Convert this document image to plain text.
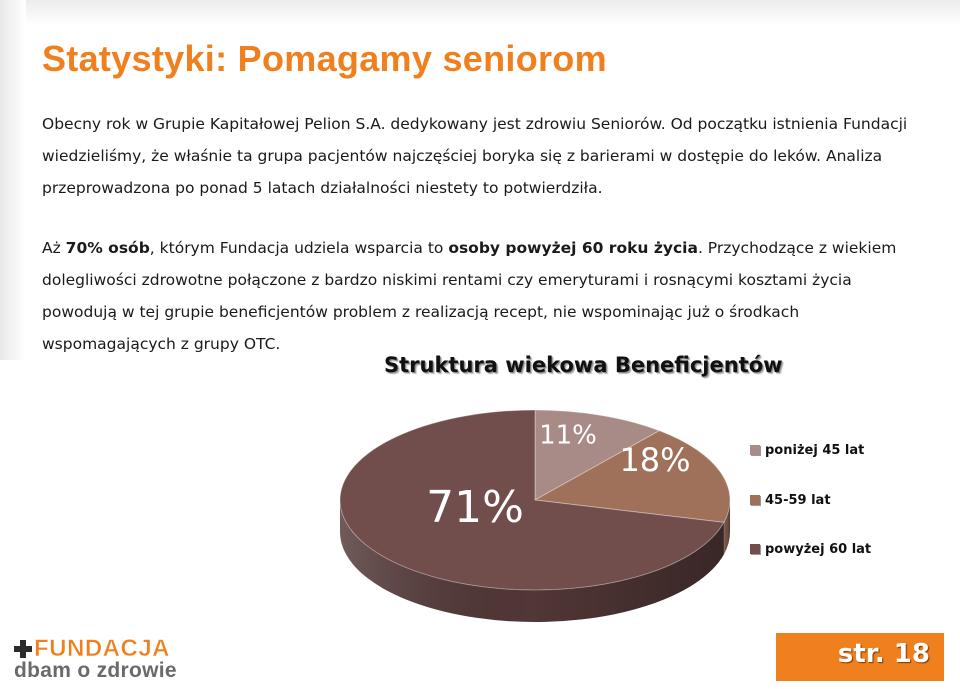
Statystyki: Pomagamy seniorom
Obecny rok w Grupie Kapitałowej Pelion S.A. dedykowany jest zdrowiu Seniorów. Od początku istnienia Fundacji wiedzieliśmy, że właśnie ta grupa pacjentów najczęściej boryka się z barierami w dostępie do leków. Analiza przeprowadzona po ponad 5 latach działalności niestety to potwierdziła.
Aż 70% osób, którym Fundacja udziela wsparcia to osoby powyżej 60 roku życia. Przychodzące z wiekiem dolegliwości zdrowotne połączone z bardzo niskimi rentami czy emeryturami i rosnącymi kosztami życia powodują w tej grupie beneficjentów problem z realizacją recept, nie wspominając już o środkach wspomagających z grupy OTC.
11%
18%
71%
Struktura wiekowa Beneficjentów
poniżej 45 lat
45-59 lat
powyżej 60 lat
FUNDACJA
dbam o zdrowie
str. 18
